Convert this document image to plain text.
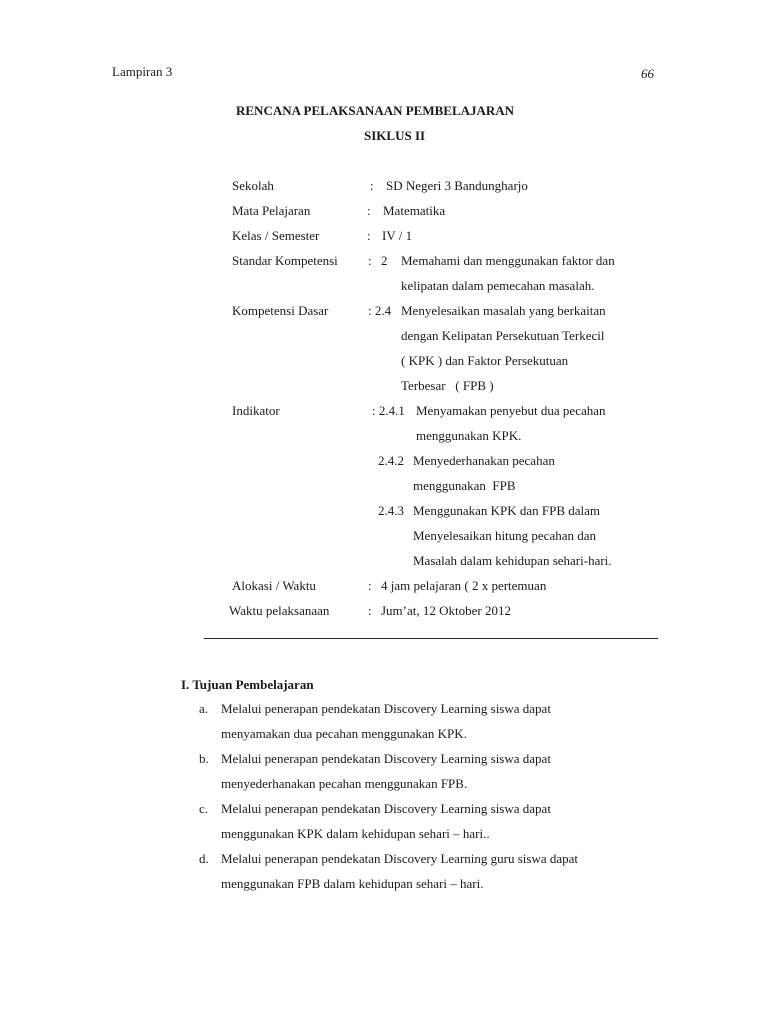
Lampiran 3	66
RENCANA PELAKSANAAN PEMBELAJARAN
SIKLUS II
Sekolah	: SD Negeri 3 Bandungharjo
Mata Pelajaran	: Matematika
Kelas / Semester	: IV / 1
Standar Kompetensi : 2 Memahami dan menggunakan faktor dan
kelipatan dalam pemecahan masalah.
Kompetensi Dasar	: 2.4 Menyelesaikan masalah yang berkaitan
dengan Kelipatan Persekutuan Terkecil
( KPK ) dan Faktor Persekutuan
Terbesar   ( FPB )
Indikator	: 2.4.1 Menyamakan penyebut dua pecahan
menggunakan KPK.
2.4.2 Menyederhanakan pecahan
menggunakan  FPB
2.4.3 Menggunakan KPK dan FPB dalam
Menyelesaikan hitung pecahan dan
Masalah dalam kehidupan sehari-hari.
Alokasi / Waktu	: 4 jam pelajaran ( 2 x pertemuan
Waktu pelaksanaan	: Jum’at, 12 Oktober 2012
I. Tujuan Pembelajaran
a. Melalui penerapan pendekatan Discovery Learning siswa dapat
menyamakan dua pecahan menggunakan KPK.
b. Melalui penerapan pendekatan Discovery Learning siswa dapat
menyederhanakan pecahan menggunakan FPB.
c. Melalui penerapan pendekatan Discovery Learning siswa dapat
menggunakan KPK dalam kehidupan sehari – hari..
d. Melalui penerapan pendekatan Discovery Learning guru siswa dapat
menggunakan FPB dalam kehidupan sehari – hari.
